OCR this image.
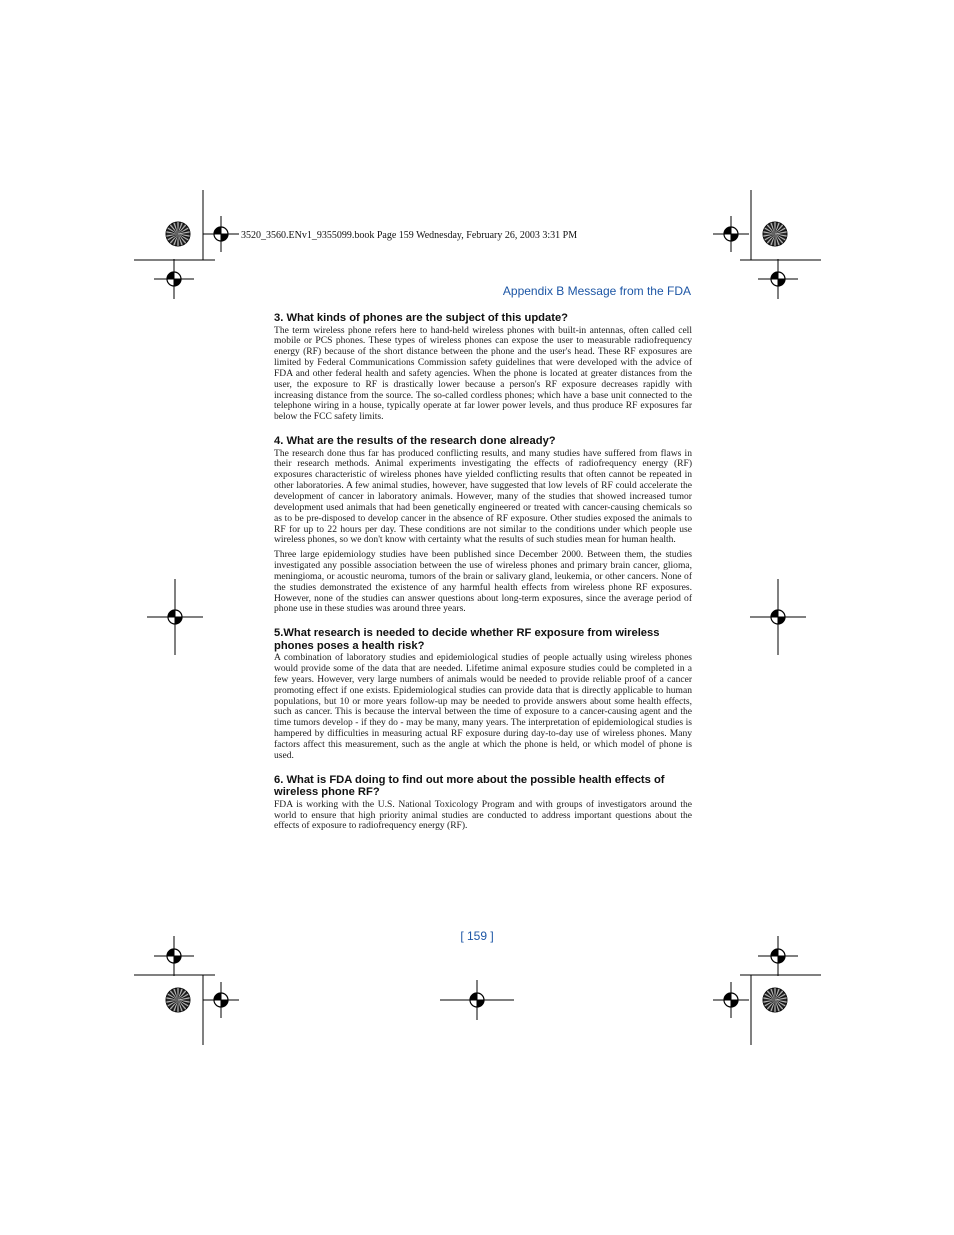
3520_3560.ENv1_9355099.book Page 159 Wednesday, February 26, 2003 3:31 PM
Appendix B Message from the FDA
3. What kinds of phones are the subject of this update?

The term wireless phone refers here to hand-held wireless phones with built-in antennas, often called cell mobile or PCS phones. These types of wireless phones can expose the user to measurable radiofrequency energy (RF) because of the short distance between the phone and the user's head. These RF exposures are limited by Federal Communications Commission safety guidelines that were developed with the advice of FDA and other federal health and safety agencies. When the phone is located at greater distances from the user, the exposure to RF is drastically lower because a person's RF exposure decreases rapidly with increasing distance from the source. The so-called cordless phones; which have a base unit connected to the telephone wiring in a house, typically operate at far lower power levels, and thus produce RF exposures far below the FCC safety limits.

4. What are the results of the research done already?

The research done thus far has produced conflicting results, and many studies have suffered from flaws in their research methods. Animal experiments investigating the effects of radiofrequency energy (RF) exposures characteristic of wireless phones have yielded conflicting results that often cannot be repeated in other laboratories. A few animal studies, however, have suggested that low levels of RF could accelerate the development of cancer in laboratory animals. However, many of the studies that showed increased tumor development used animals that had been genetically engineered or treated with cancer-causing chemicals so as to be pre-disposed to develop cancer in the absence of RF exposure. Other studies exposed the animals to RF for up to 22 hours per day. These conditions are not similar to the conditions under which people use wireless phones, so we don't know with certainty what the results of such studies mean for human health.

Three large epidemiology studies have been published since December 2000. Between them, the studies investigated any possible association between the use of wireless phones and primary brain cancer, glioma, meningioma, or acoustic neuroma, tumors of the brain or salivary gland, leukemia, or other cancers. None of the studies demonstrated the existence of any harmful health effects from wireless phone RF exposures. However, none of the studies can answer questions about long-term exposures, since the average period of phone use in these studies was around three years.

5.What research is needed to decide whether RF exposure from wireless phones poses a health risk?

A combination of laboratory studies and epidemiological studies of people actually using wireless phones would provide some of the data that are needed. Lifetime animal exposure studies could be completed in a few years. However, very large numbers of animals would be needed to provide reliable proof of a cancer promoting effect if one exists. Epidemiological studies can provide data that is directly applicable to human populations, but 10 or more years follow-up may be needed to provide answers about some health effects, such as cancer. This is because the interval between the time of exposure to a cancer-causing agent and the time tumors develop - if they do - may be many, many years. The interpretation of epidemiological studies is hampered by difficulties in measuring actual RF exposure during day-to-day use of wireless phones. Many factors affect this measurement, such as the angle at which the phone is held, or which model of phone is used.

6. What is FDA doing to find out more about the possible health effects of wireless phone RF?

FDA is working with the U.S. National Toxicology Program and with groups of investigators around the world to ensure that high priority animal studies are conducted to address important questions about the effects of exposure to radiofrequency energy (RF).

[ 159 ]
